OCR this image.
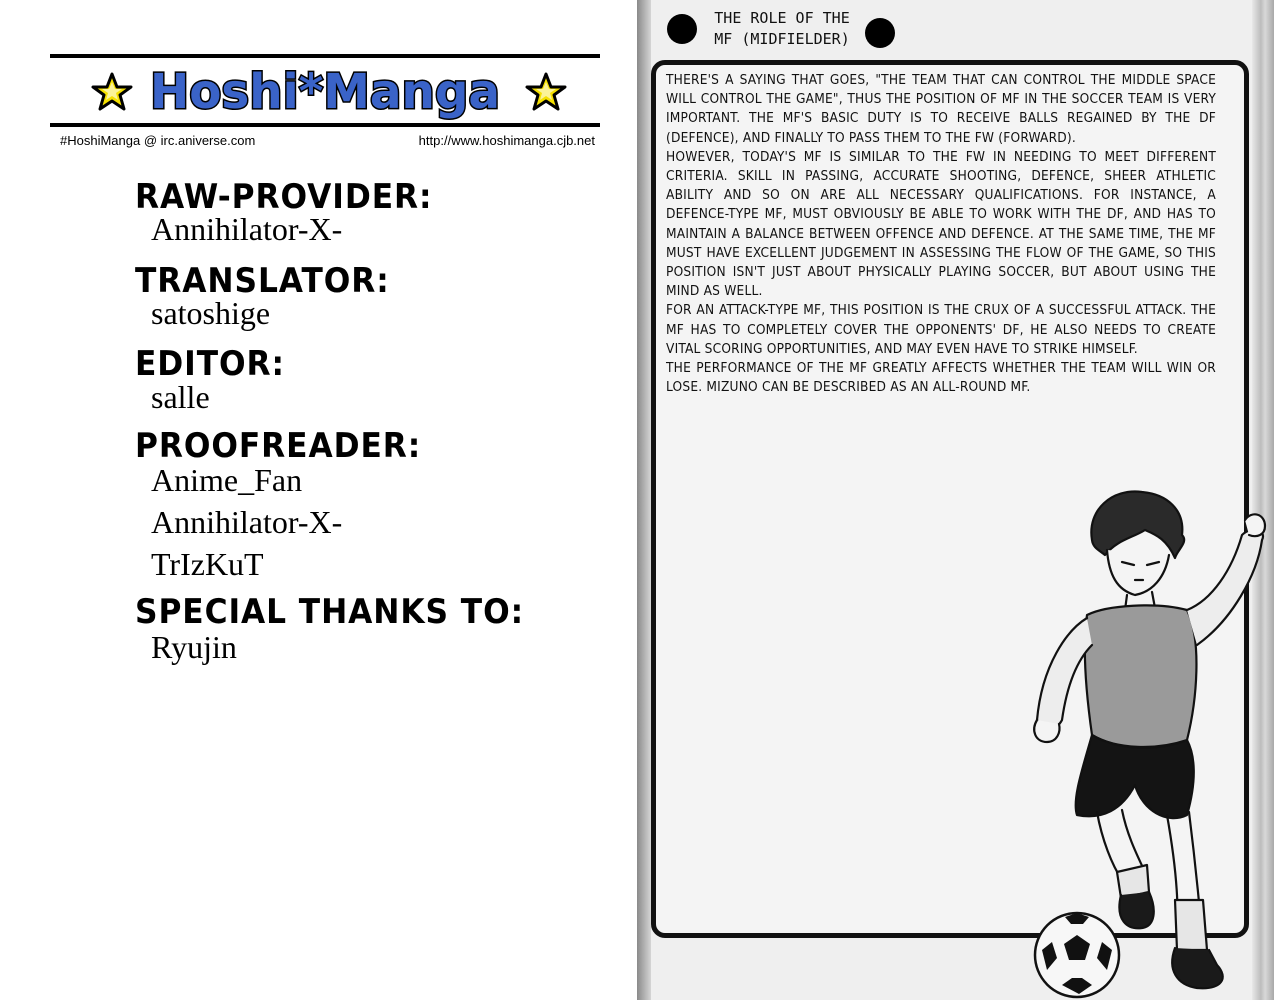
Hoshi*Manga
#HoshiManga @ irc.aniverse.com	http://www.hoshimanga.cjb.net
RAW-PROVIDER:
Annihilator-X-
TRANSLATOR:
satoshige
EDITOR:
salle
PROOFREADER:
Anime_Fan
Annihilator-X-
TrIzKuT
SPECIAL THANKS TO:
Ryujin
THE ROLE OF THE
MF (MIDFIELDER)

THERE'S A SAYING THAT GOES, "THE TEAM THAT CAN CONTROL THE MIDDLE SPACE WILL CONTROL THE GAME", THUS THE POSITION OF MF IN THE SOCCER TEAM IS VERY IMPORTANT. THE MF'S BASIC DUTY IS TO RECEIVE BALLS REGAINED BY THE DF (DEFENCE), AND FINALLY TO PASS THEM TO THE FW (FORWARD).

HOWEVER, TODAY'S MF IS SIMILAR TO THE FW IN NEEDING TO MEET DIFFERENT CRITERIA. SKILL IN PASSING, ACCURATE SHOOTING, DEFENCE, SHEER ATHLETIC ABILITY AND SO ON ARE ALL NECESSARY QUALIFICATIONS. FOR INSTANCE, A DEFENCE-TYPE MF, MUST OBVIOUSLY BE ABLE TO WORK WITH THE DF, AND HAS TO MAINTAIN A BALANCE BETWEEN OFFENCE AND DEFENCE. AT THE SAME TIME, THE MF MUST HAVE EXCELLENT JUDGEMENT IN ASSESSING THE FLOW OF THE GAME, SO THIS POSITION ISN'T JUST ABOUT PHYSICALLY PLAYING SOCCER, BUT ABOUT USING THE MIND AS WELL.

FOR AN ATTACK-TYPE MF, THIS POSITION IS THE CRUX OF A SUCCESSFUL ATTACK. THE MF HAS TO COMPLETELY COVER THE OPPONENTS' DF, HE ALSO NEEDS TO CREATE VITAL SCORING OPPORTUNITIES, AND MAY EVEN HAVE TO STRIKE HIMSELF.

THE PERFORMANCE OF THE MF GREATLY AFFECTS WHETHER THE TEAM WILL WIN OR LOSE. MIZUNO CAN BE DESCRIBED AS AN ALL-ROUND MF.
